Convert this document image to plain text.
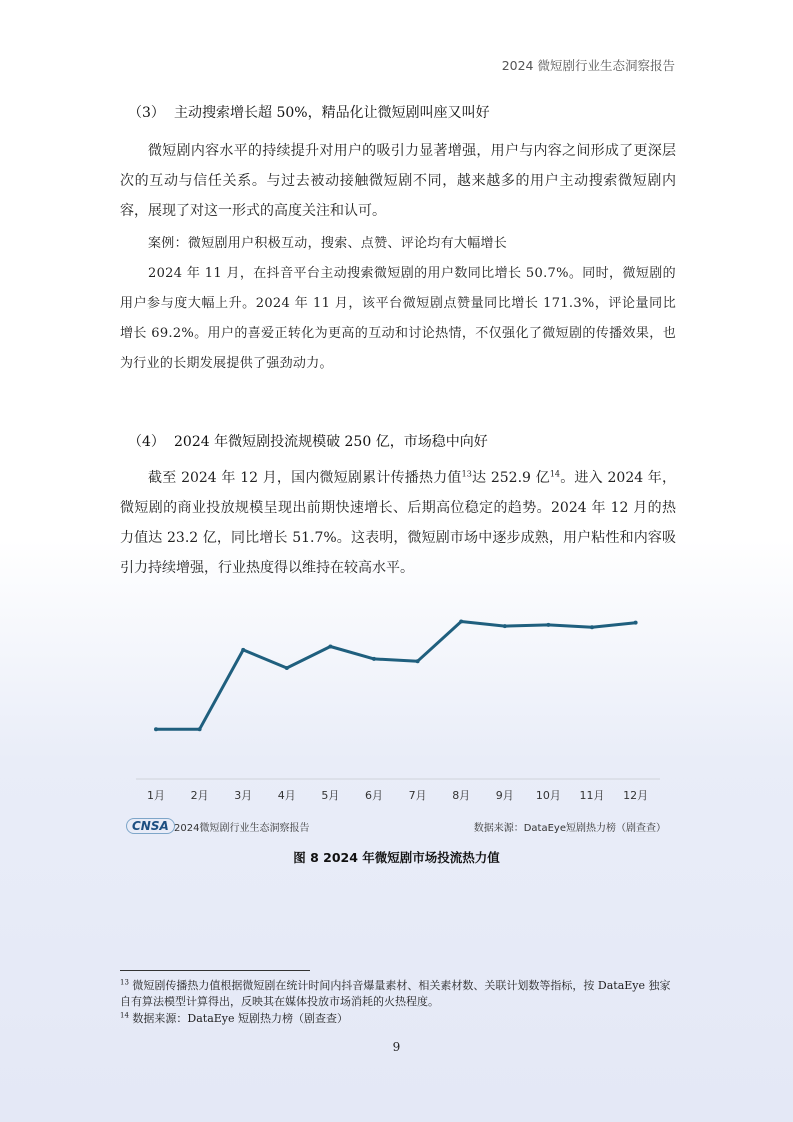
2024 微短剧行业生态洞察报告
（3） 主动搜索增长超 50%，精品化让微短剧叫座又叫好
微短剧内容水平的持续提升对用户的吸引力显著增强，用户与内容之间形成了更深层次的互动与信任关系。与过去被动接触微短剧不同，越来越多的用户主动搜索微短剧内容，展现了对这一形式的高度关注和认可。
案例：微短剧用户积极互动，搜索、点赞、评论均有大幅增长
2024 年 11 月，在抖音平台主动搜索微短剧的用户数同比增长 50.7%。同时，微短剧的用户参与度大幅上升。2024 年 11 月，该平台微短剧点赞量同比增长 171.3%，评论量同比增长 69.2%。用户的喜爱正转化为更高的互动和讨论热情，不仅强化了微短剧的传播效果，也为行业的长期发展提供了强劲动力。
（4） 2024 年微短剧投流规模破 250 亿，市场稳中向好
截至 2024 年 12 月，国内微短剧累计传播热力值$^{13}$达 252.9 亿$^{14}$。进入 2024 年，微短剧的商业投放规模呈现出前期快速增长、后期高位稳定的趋势。2024 年 12 月的热力值达 23.2 亿，同比增长 51.7%。这表明，微短剧市场中逐步成熟，用户粘性和内容吸引力持续增强，行业热度得以维持在较高水平。
1月 2月 3月 4月 5月 6月 7月 8月 9月 10月 11月 12月
CNSA 2024微短剧行业生态洞察报告	数据来源：DataEye短剧热力榜（剧查查）
图 8 2024 年微短剧市场投流热力值
$^{13}$ 微短剧传播热力值根据微短剧在统计时间内抖音爆量素材、相关素材数、关联计划数等指标，按 DataEye 独家自有算法模型计算得出，反映其在媒体投放市场消耗的火热程度。
$^{14}$ 数据来源：DataEye 短剧热力榜（剧查查）
9
